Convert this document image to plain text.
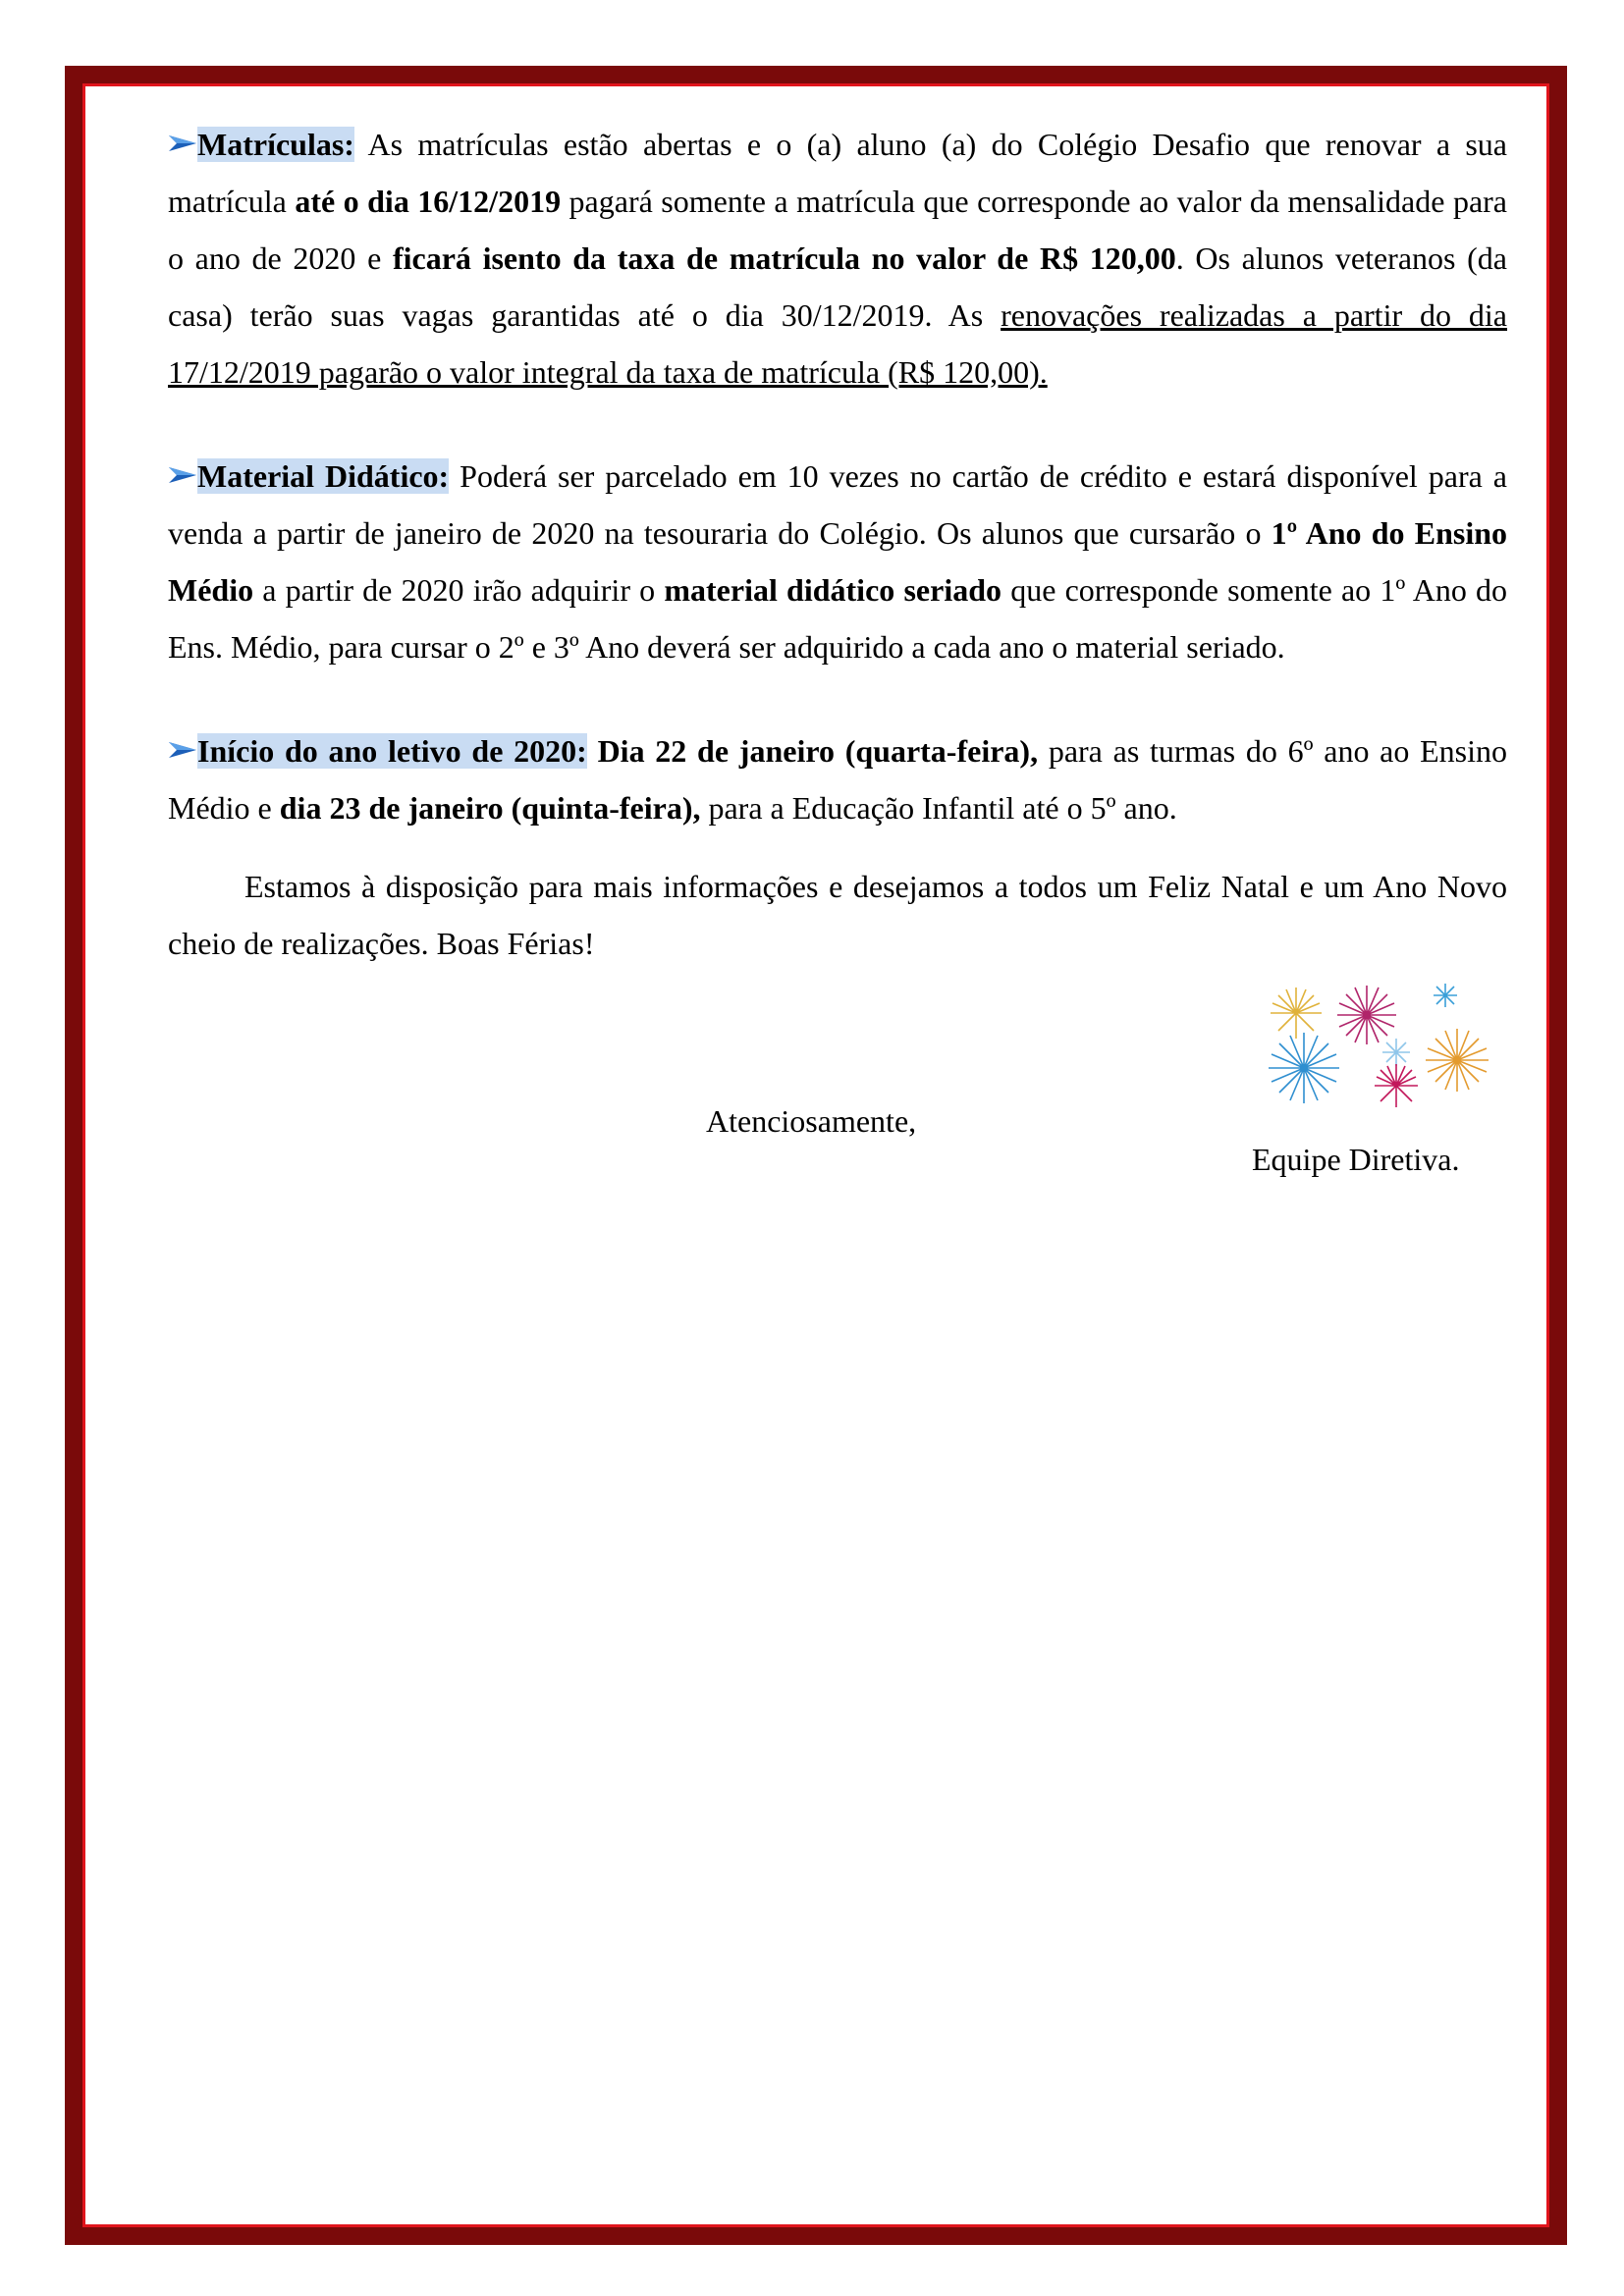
Matrículas: As matrículas estão abertas e o (a) aluno (a) do Colégio Desafio que renovar a sua matrícula até o dia 16/12/2019 pagará somente a matrícula que corresponde ao valor da mensalidade para o ano de 2020 e ficará isento da taxa de matrícula no valor de R$ 120,00. Os alunos veteranos (da casa) terão suas vagas garantidas até o dia 30/12/2019. As renovações realizadas a partir do dia 17/12/2019 pagarão o valor integral da taxa de matrícula (R$ 120,00).

Material Didático: Poderá ser parcelado em 10 vezes no cartão de crédito e estará disponível para a venda a partir de janeiro de 2020 na tesouraria do Colégio. Os alunos que cursarão o 1º Ano do Ensino Médio a partir de 2020 irão adquirir o material didático seriado que corresponde somente ao 1º Ano do Ens. Médio, para cursar o 2º e 3º Ano deverá ser adquirido a cada ano o material seriado.

Início do ano letivo de 2020: Dia 22 de janeiro (quarta-feira), para as turmas do 6º ano ao Ensino Médio e dia 23 de janeiro (quinta-feira), para a Educação Infantil até o 5º ano.

Estamos à disposição para mais informações e desejamos a todos um Feliz Natal e um Ano Novo cheio de realizações. Boas Férias!

Atenciosamente,
Equipe Diretiva.
